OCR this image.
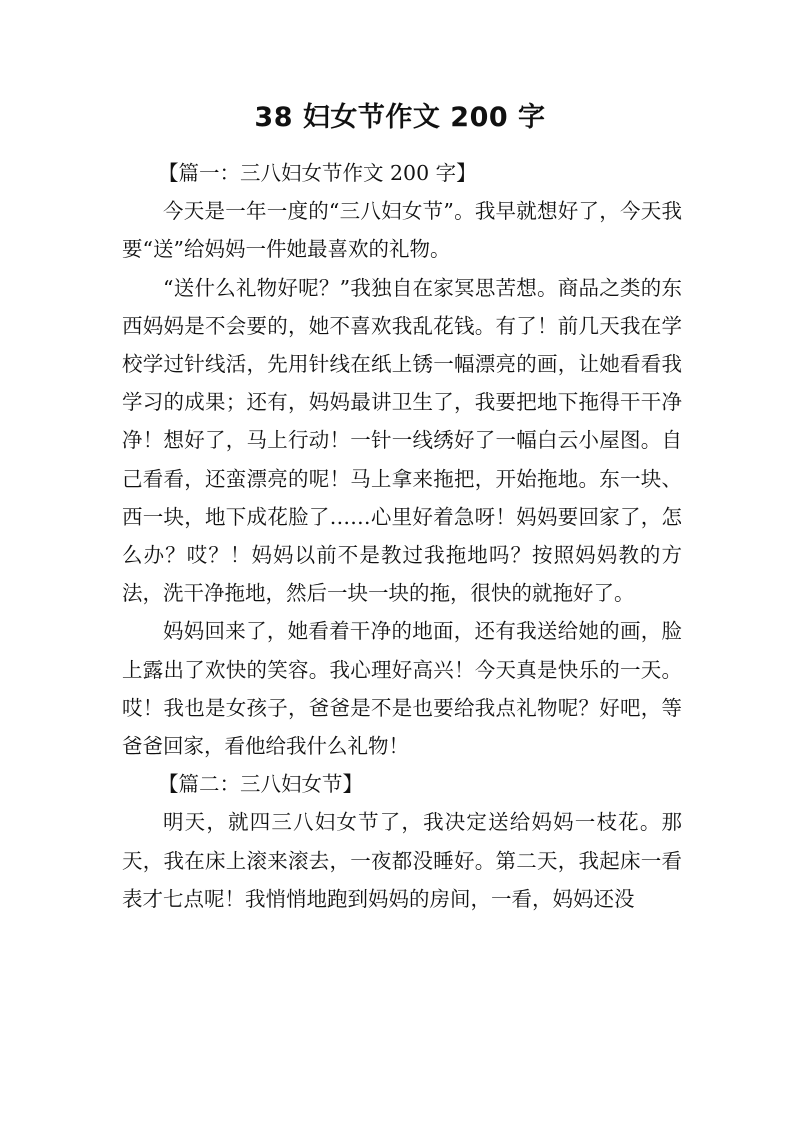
38 妇女节作文 200 字

【篇一：三八妇女节作文 200 字】

今天是一年一度的“三八妇女节”。我早就想好了，今天我要“送”给妈妈一件她最喜欢的礼物。

“送什么礼物好呢？”我独自在家冥思苦想。商品之类的东西妈妈是不会要的，她不喜欢我乱花钱。有了！前几天我在学校学过针线活，先用针线在纸上锈一幅漂亮的画，让她看看我学习的成果；还有，妈妈最讲卫生了，我要把地下拖得干干净净！想好了，马上行动！一针一线绣好了一幅白云小屋图。自己看看，还蛮漂亮的呢！马上拿来拖把，开始拖地。东一块、西一块，地下成花脸了……心里好着急呀！妈妈要回家了，怎么办？哎？！妈妈以前不是教过我拖地吗？按照妈妈教的方法，洗干净拖地，然后一块一块的拖，很快的就拖好了。

妈妈回来了，她看着干净的地面，还有我送给她的画，脸上露出了欢快的笑容。我心理好高兴！今天真是快乐的一天。哎！我也是女孩子，爸爸是不是也要给我点礼物呢？好吧，等爸爸回家，看他给我什么礼物！

【篇二：三八妇女节】

明天，就四三八妇女节了，我决定送给妈妈一枝花。那天，我在床上滚来滚去，一夜都没睡好。第二天，我起床一看表才七点呢！我悄悄地跑到妈妈的房间，一看，妈妈还没
